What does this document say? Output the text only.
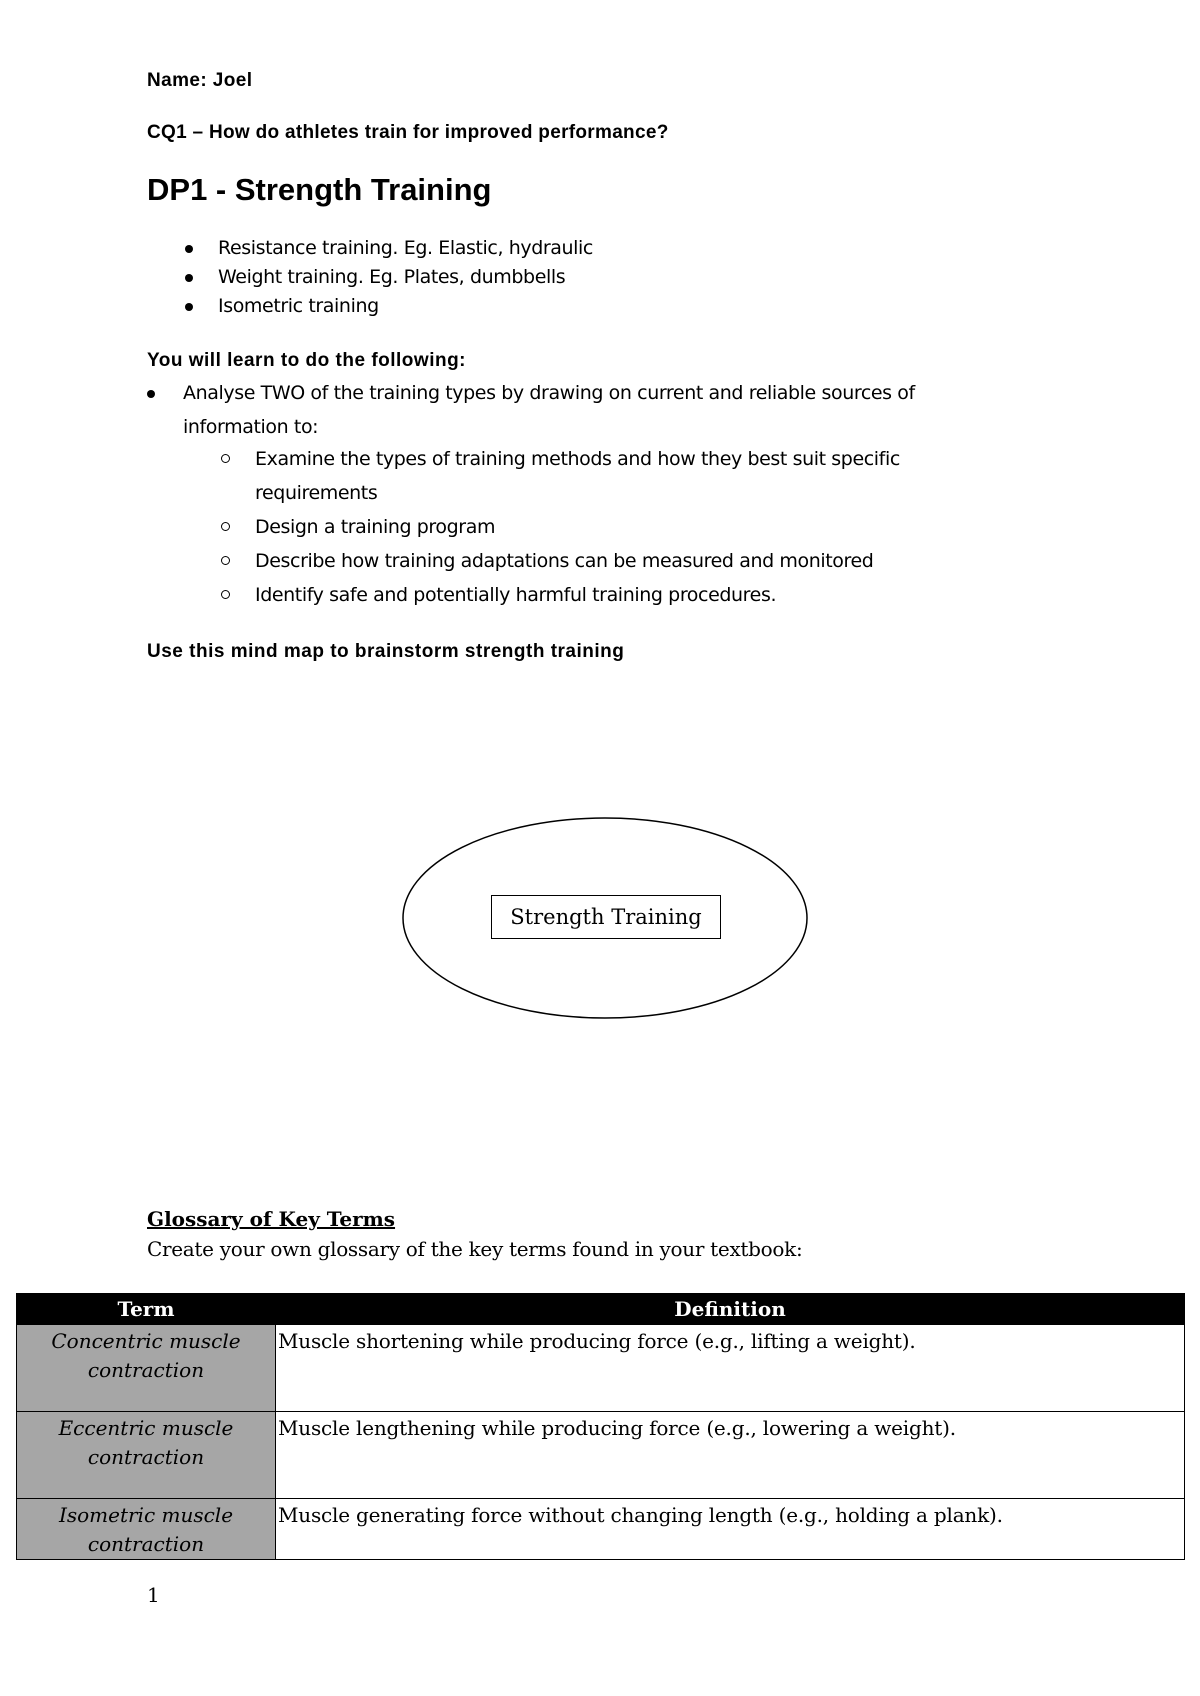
Name: Joel
CQ1 – How do athletes train for improved performance?
DP1 - Strength Training
Resistance training. Eg. Elastic, hydraulic
Weight training. Eg. Plates, dumbbells
Isometric training
You will learn to do the following:
Analyse TWO of the training types by drawing on current and reliable sources of information to:
Examine the types of training methods and how they best suit specific requirements
Design a training program
Describe how training adaptations can be measured and monitored
Identify safe and potentially harmful training procedures.
Use this mind map to brainstorm strength training
Strength Training
Glossary of Key Terms
Create your own glossary of the key terms found in your textbook:
Term	Definition
Concentric muscle contraction	Muscle shortening while producing force (e.g., lifting a weight).
Eccentric muscle contraction	Muscle lengthening while producing force (e.g., lowering a weight).
Isometric muscle contraction	Muscle generating force without changing length (e.g., holding a plank).
1
